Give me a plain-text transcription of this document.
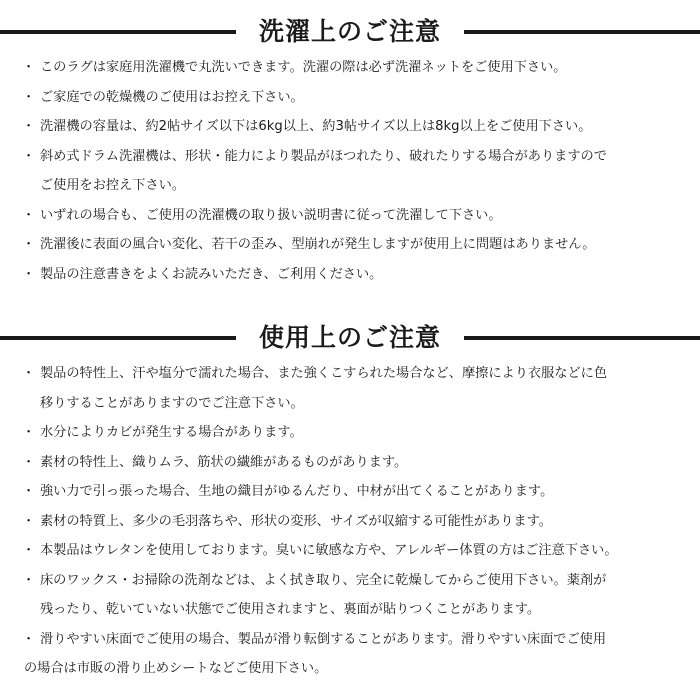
洗濯上のご注意
・ このラグは家庭用洗濯機で丸洗いできます。洗濯の際は必ず洗濯ネットをご使用下さい。
・ ご家庭での乾燥機のご使用はお控え下さい。
・ 洗濯機の容量は、約2帖サイズ以下は6kg以上、約3帖サイズ以上は8kg以上をご使用下さい。
・ 斜め式ドラム洗濯機は、形状・能力により製品がほつれたり、破れたりする場合がありますので
ご使用をお控え下さい。
・ いずれの場合も、ご使用の洗濯機の取り扱い説明書に従って洗濯して下さい。
・ 洗濯後に表面の風合い変化、若干の歪み、型崩れが発生しますが使用上に問題はありません。
・ 製品の注意書きをよくお読みいただき、ご利用ください。
使用上のご注意
・ 製品の特性上、汗や塩分で濡れた場合、また強くこすられた場合など、摩擦により衣服などに色
移りすることがありますのでご注意下さい。
・ 水分によりカビが発生する場合があります。
・ 素材の特性上、織りムラ、筋状の繊維があるものがあります。
・ 強い力で引っ張った場合、生地の織目がゆるんだり、中材が出てくることがあります。
・ 素材の特質上、多少の毛羽落ちや、形状の変形、サイズが収縮する可能性があります。
・ 本製品はウレタンを使用しております。臭いに敏感な方や、アレルギー体質の方はご注意下さい。
・ 床のワックス・お掃除の洗剤などは、よく拭き取り、完全に乾燥してからご使用下さい。薬剤が
残ったり、乾いていない状態でご使用されますと、裏面が貼りつくことがあります。
・ 滑りやすい床面でご使用の場合、製品が滑り転倒することがあります。滑りやすい床面でご使用
の場合は市販の滑り止めシートなどご使用下さい。
